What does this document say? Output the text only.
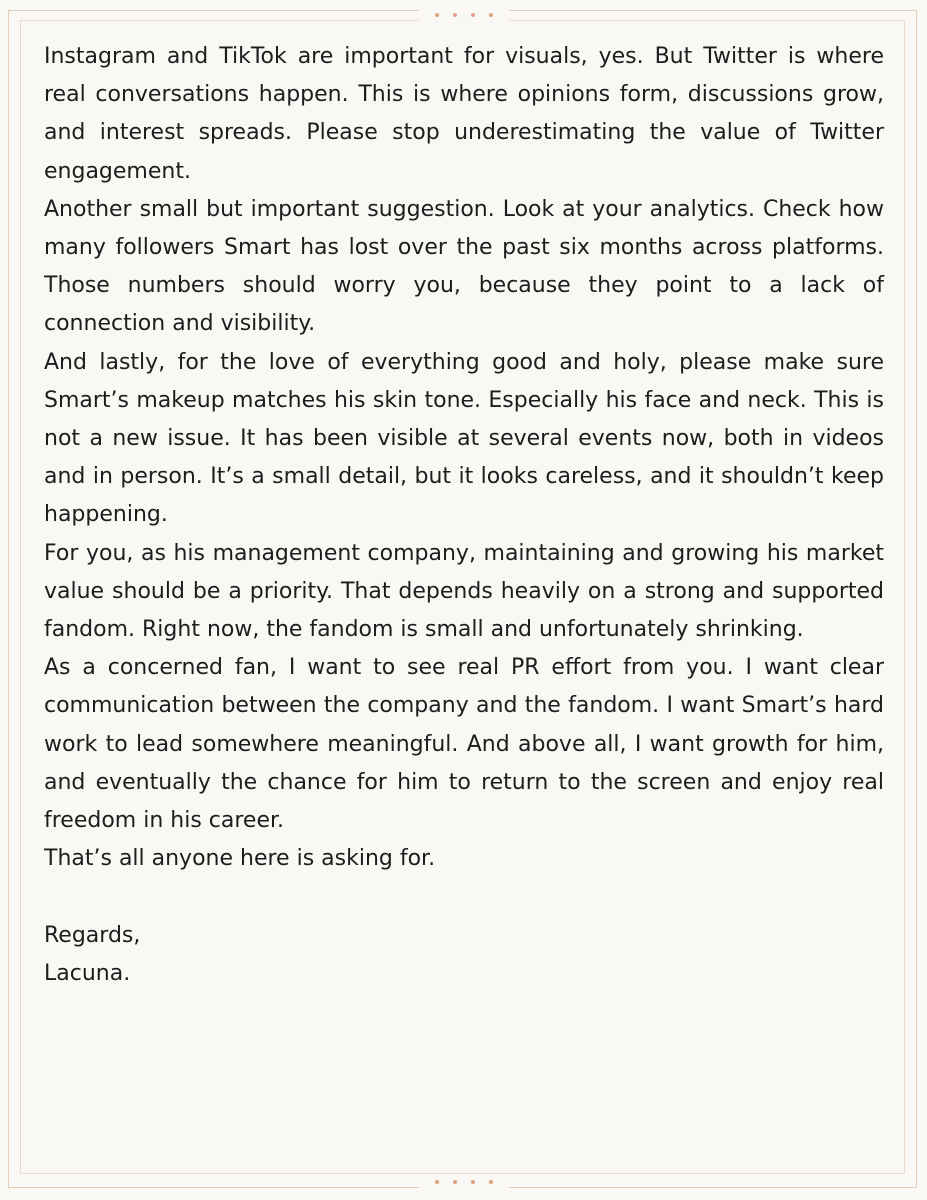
Instagram and TikTok are important for visuals, yes. But Twitter is where real conversations happen. This is where opinions form, discussions grow, and interest spreads. Please stop underestimating the value of Twitter engagement.

Another small but important suggestion. Look at your analytics. Check how many followers Smart has lost over the past six months across platforms. Those numbers should worry you, because they point to a lack of connection and visibility.

And lastly, for the love of everything good and holy, please make sure Smart’s makeup matches his skin tone. Especially his face and neck. This is not a new issue. It has been visible at several events now, both in videos and in person. It’s a small detail, but it looks careless, and it shouldn’t keep happening.

For you, as his management company, maintaining and growing his market value should be a priority. That depends heavily on a strong and supported fandom. Right now, the fandom is small and unfortunately shrinking.

As a concerned fan, I want to see real PR effort from you. I want clear communication between the company and the fandom. I want Smart’s hard work to lead somewhere meaningful. And above all, I want growth for him, and eventually the chance for him to return to the screen and enjoy real freedom in his career.

That’s all anyone here is asking for.

Regards,

Lacuna.
